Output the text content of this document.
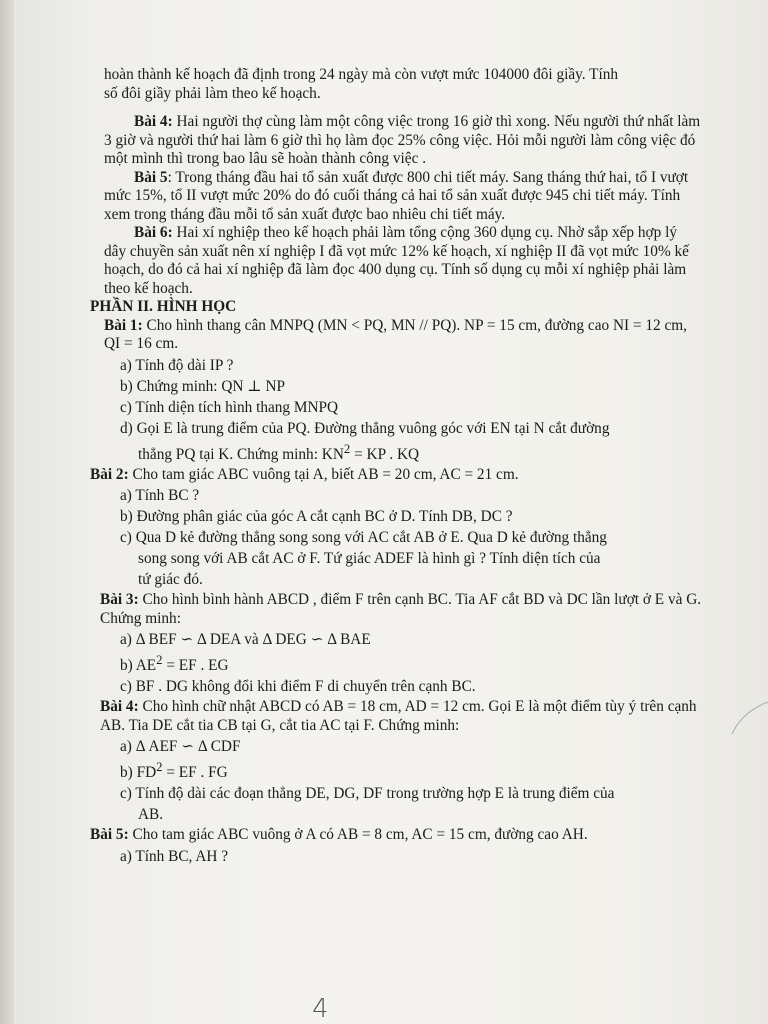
hoàn thành kế hoạch đã định trong 24 ngày mà còn vượt mức 104000 đôi giầy. Tính

số đôi giầy phải làm theo kế hoạch.

Bài 4: Hai người thợ cùng làm một công việc trong 16 giờ thì xong. Nếu người thứ nhất làm 3 giờ và người thứ hai làm 6 giờ thì họ làm đọc 25% công việc. Hỏi mỗi người làm công việc đó một mình thì trong bao lâu sẽ hoàn thành công việc .

Bài 5: Trong tháng đầu hai tổ sản xuất được 800 chi tiết máy. Sang tháng thứ hai, tổ I vượt mức 15%, tổ II vượt mức 20% do đó cuối tháng cả hai tổ sản xuất được 945 chi tiết máy. Tính xem trong tháng đầu mỗi tổ sản xuất được bao nhiêu chi tiết máy.

Bài 6: Hai xí nghiệp theo kế hoạch phải làm tổng cộng 360 dụng cụ. Nhờ sắp xếp hợp lý dây chuyền sản xuất nên xí nghiệp I đã vọt mức 12% kế hoạch, xí nghiệp II đã vọt mức 10% kế hoạch, do đó cả hai xí nghiệp đã làm đọc 400 dụng cụ. Tính số dụng cụ mỗi xí nghiệp phải làm theo kế hoạch.

PHẦN II. HÌNH HỌC

Bài 1: Cho hình thang cân MNPQ (MN < PQ, MN // PQ). NP = 15 cm, đường cao NI = 12 cm, QI = 16 cm.

a) Tính độ dài IP ?

b) Chứng minh: QN ⊥ NP

c) Tính diện tích hình thang MNPQ

d) Gọi E là trung điểm của PQ. Đường thẳng vuông góc với EN tại N cắt đường

thẳng PQ tại K. Chứng minh: $KN^2$ = KP . KQ

Bài 2: Cho tam giác ABC vuông tại A, biết AB = 20 cm, AC = 21 cm.

a) Tính BC ?

b) Đường phân giác của góc A cắt cạnh BC ở D. Tính DB, DC ?

c) Qua D kẻ đường thẳng song song với AC cắt AB ở E. Qua D kẻ đường thẳng

song song với AB cắt AC ở F. Tứ giác ADEF là hình gì ? Tính diện tích của

tứ giác đó.

Bài 3: Cho hình bình hành ABCD , điểm F trên cạnh BC. Tia AF cắt BD và DC lần lượt ở E và G. Chứng minh:

a) Δ BEF ∽ Δ DEA và Δ DEG ∽ Δ BAE

b) $AE^2$ = EF . EG

c) BF . DG không đổi khi điểm F di chuyển trên cạnh BC.

Bài 4: Cho hình chữ nhật ABCD có AB = 18 cm, AD = 12 cm. Gọi E là một điểm tùy ý trên cạnh AB. Tia DE cắt tia CB tại G, cắt tia AC tại F. Chứng minh:

a) Δ AEF ∽ Δ CDF

b) $FD^2$ = EF . FG

c) Tính độ dài các đoạn thẳng DE, DG, DF trong trường hợp E là trung điểm của

AB.

Bài 5: Cho tam giác ABC vuông ở A có AB = 8 cm, AC = 15 cm, đường cao AH.

a) Tính BC, AH ?

4
